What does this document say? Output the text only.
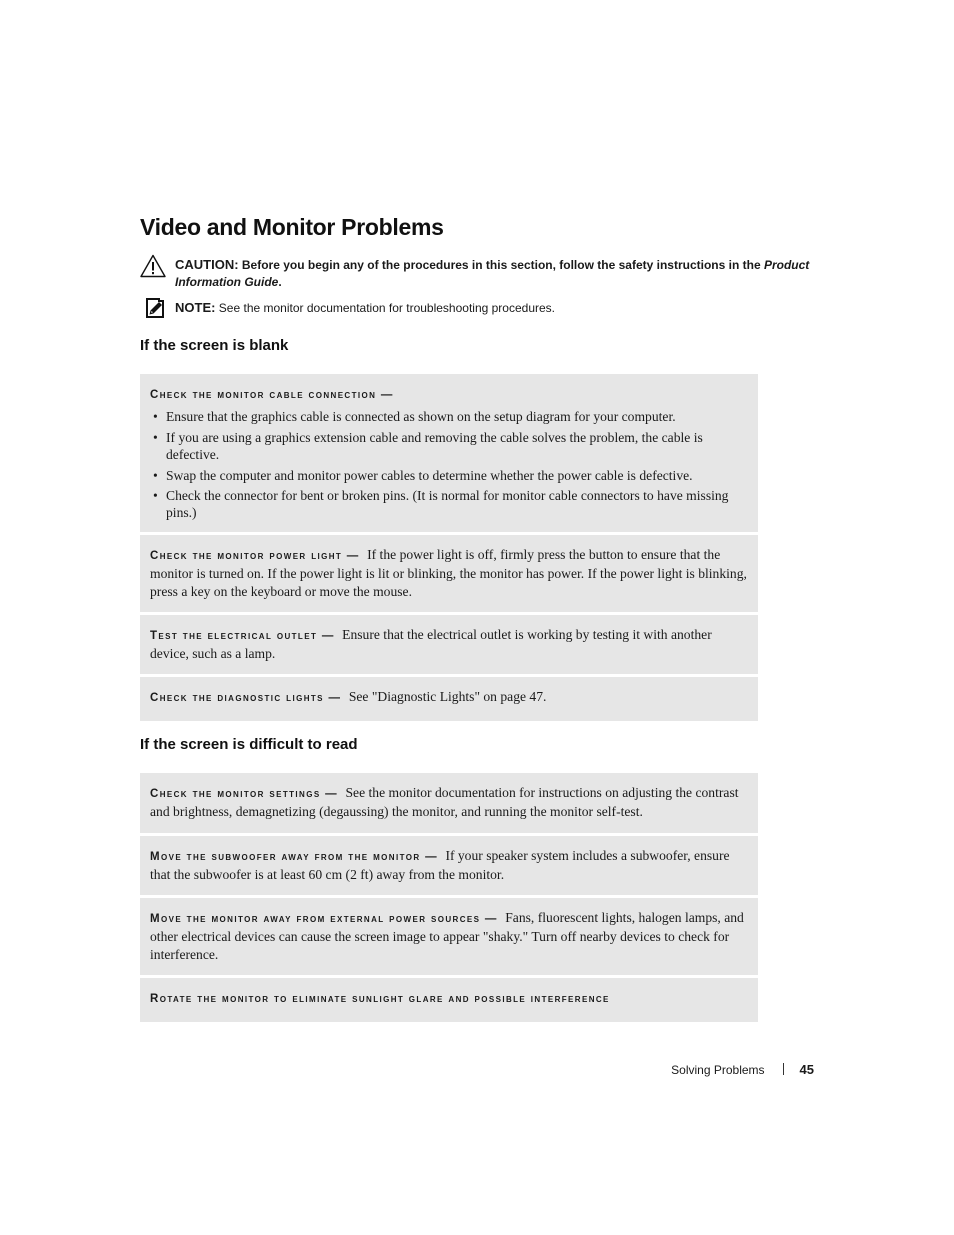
Video and Monitor Problems
CAUTION: Before you begin any of the procedures in this section, follow the safety instructions in the Product Information Guide.
NOTE: See the monitor documentation for troubleshooting procedures.
If the screen is blank
Check the monitor cable connection —
• Ensure that the graphics cable is connected as shown on the setup diagram for your computer.
• If you are using a graphics extension cable and removing the cable solves the problem, the cable is defective.
• Swap the computer and monitor power cables to determine whether the power cable is defective.
• Check the connector for bent or broken pins. (It is normal for monitor cable connectors to have missing pins.)
Check the monitor power light — If the power light is off, firmly press the button to ensure that the monitor is turned on. If the power light is lit or blinking, the monitor has power. If the power light is blinking, press a key on the keyboard or move the mouse.
Test the electrical outlet — Ensure that the electrical outlet is working by testing it with another device, such as a lamp.
Check the diagnostic lights — See "Diagnostic Lights" on page 47.
If the screen is difficult to read
Check the monitor settings — See the monitor documentation for instructions on adjusting the contrast and brightness, demagnetizing (degaussing) the monitor, and running the monitor self-test.
Move the subwoofer away from the monitor — If your speaker system includes a subwoofer, ensure that the subwoofer is at least 60 cm (2 ft) away from the monitor.
Move the monitor away from external power sources — Fans, fluorescent lights, halogen lamps, and other electrical devices can cause the screen image to appear "shaky." Turn off nearby devices to check for interference.
Rotate the monitor to eliminate sunlight glare and possible interference
Solving Problems	45
